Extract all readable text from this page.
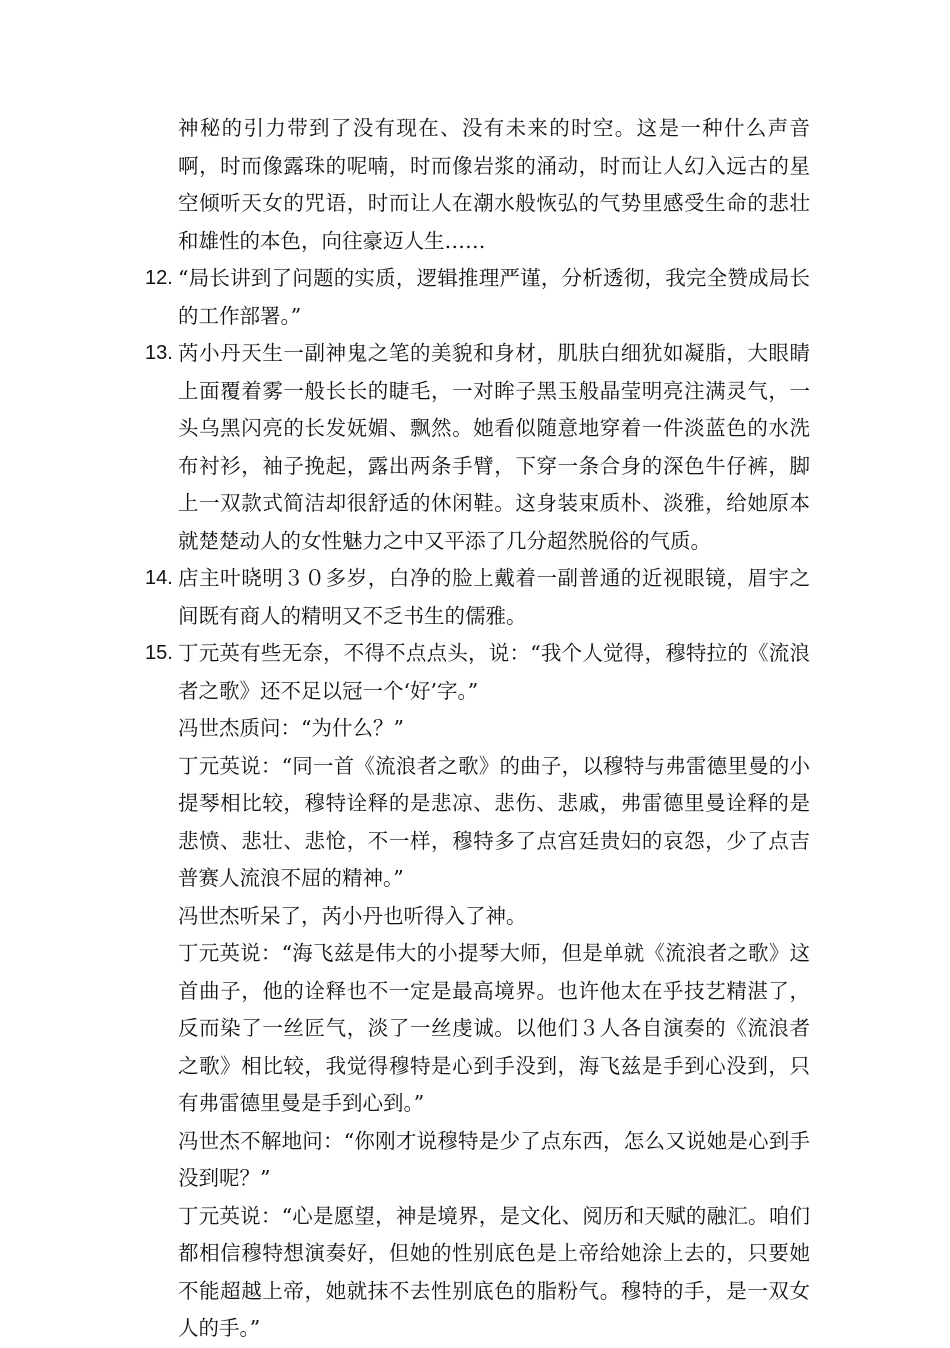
神秘的引力带到了没有现在、没有未来的时空。这是一种什么声音啊，时而像露珠的呢喃，时而像岩浆的涌动，时而让人幻入远古的星空倾听天女的咒语，时而让人在潮水般恢弘的气势里感受生命的悲壮和雄性的本色，向往豪迈人生……

12. “局长讲到了问题的实质，逻辑推理严谨，分析透彻，我完全赞成局长的工作部署。”

13. 芮小丹天生一副神鬼之笔的美貌和身材，肌肤白细犹如凝脂，大眼睛上面覆着雾一般长长的睫毛，一对眸子黑玉般晶莹明亮注满灵气，一头乌黑闪亮的长发妩媚、飘然。她看似随意地穿着一件淡蓝色的水洗布衬衫，袖子挽起，露出两条手臂，下穿一条合身的深色牛仔裤，脚上一双款式简洁却很舒适的休闲鞋。这身装束质朴、淡雅，给她原本就楚楚动人的女性魅力之中又平添了几分超然脱俗的气质。

14. 店主叶晓明３０多岁，白净的脸上戴着一副普通的近视眼镜，眉宇之间既有商人的精明又不乏书生的儒雅。

15. 丁元英有些无奈，不得不点点头，说：“我个人觉得，穆特拉的《流浪者之歌》还不足以冠一个‘好’字。”

冯世杰质问：“为什么？”

丁元英说：“同一首《流浪者之歌》的曲子，以穆特与弗雷德里曼的小提琴相比较，穆特诠释的是悲凉、悲伤、悲戚，弗雷德里曼诠释的是悲愤、悲壮、悲怆，不一样，穆特多了点宫廷贵妇的哀怨，少了点吉普赛人流浪不屈的精神。”

冯世杰听呆了，芮小丹也听得入了神。

丁元英说：“海飞兹是伟大的小提琴大师，但是单就《流浪者之歌》这首曲子，他的诠释也不一定是最高境界。也许他太在乎技艺精湛了，反而染了一丝匠气，淡了一丝虔诚。以他们３人各自演奏的《流浪者之歌》相比较，我觉得穆特是心到手没到，海飞兹是手到心没到，只有弗雷德里曼是手到心到。”

冯世杰不解地问：“你刚才说穆特是少了点东西，怎么又说她是心到手没到呢？”

丁元英说：“心是愿望，神是境界，是文化、阅历和天赋的融汇。咱们都相信穆特想演奏好，但她的性别底色是上帝给她涂上去的，只要她不能超越上帝，她就抹不去性别底色的脂粉气。穆特的手，是一双女人的手。”
